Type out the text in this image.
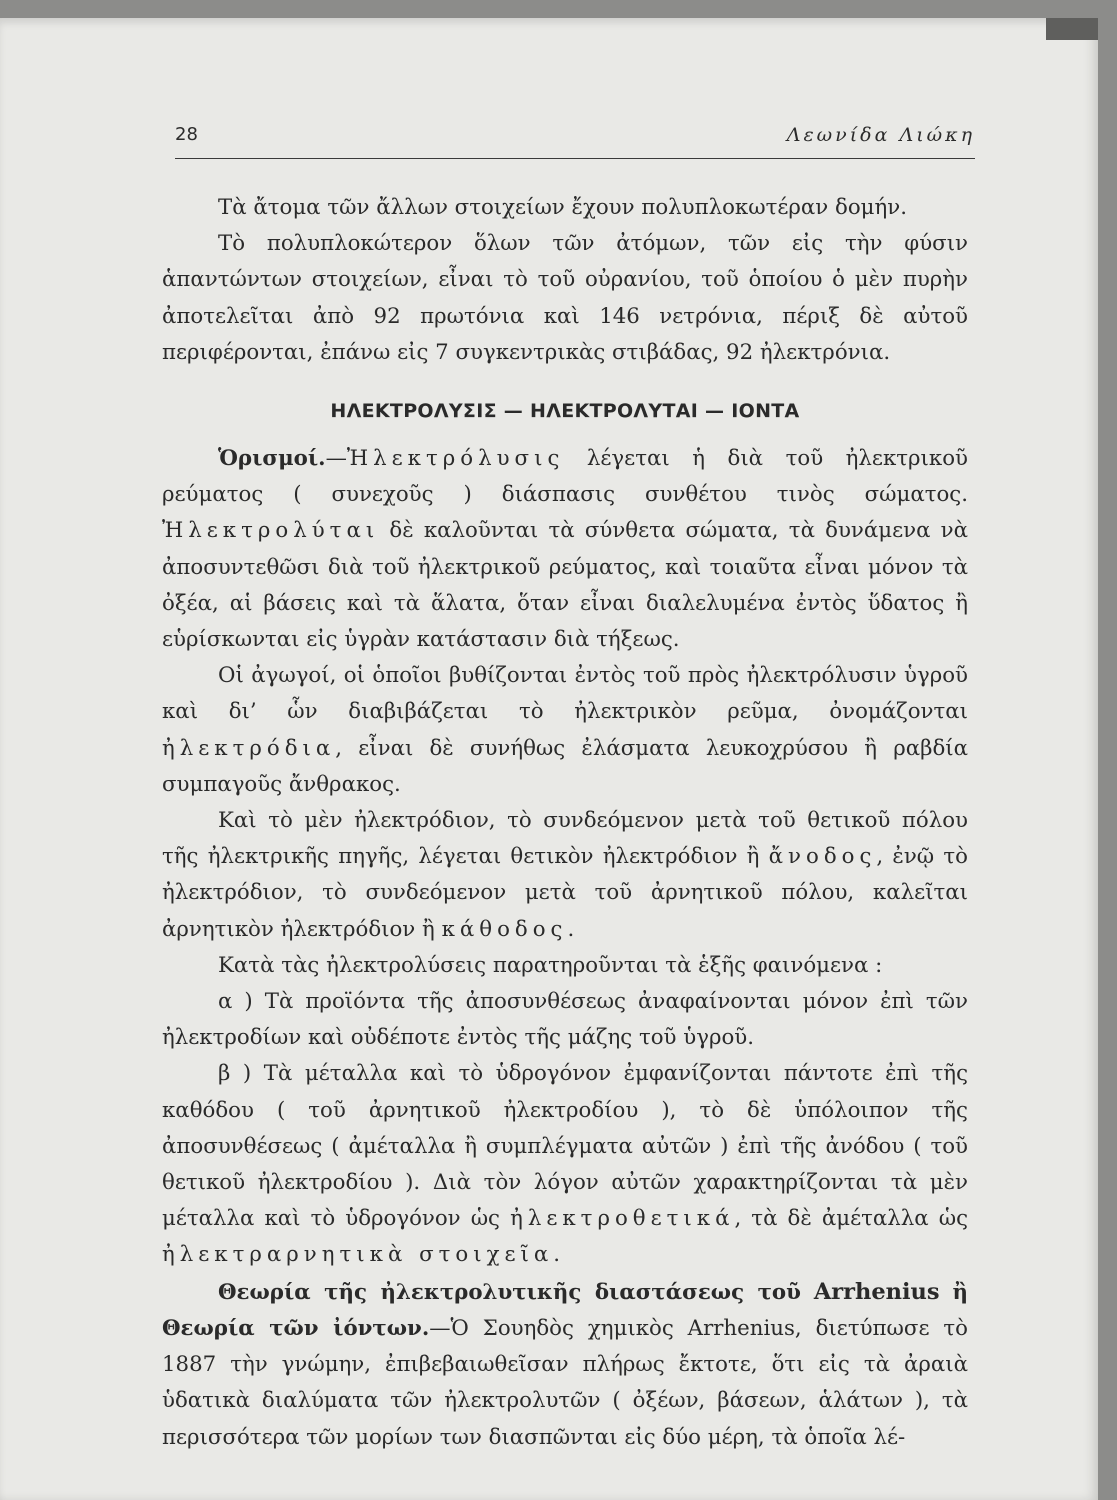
28	Λεωνίδα Λιώκη

Τὰ ἄτομα τῶν ἄλλων στοιχείων ἔχουν πολυπλοκωτέραν δομήν.

Τὸ πολυπλοκώτερον ὅλων τῶν ἀτόμων, τῶν εἰς τὴν φύσιν ἁπαντώντων στοιχείων, εἶναι τὸ τοῦ οὐρανίου, τοῦ ὁποίου ὁ μὲν πυρὴν ἀποτελεῖται ἀπὸ 92 πρωτόνια καὶ 146 νετρόνια, πέριξ δὲ αὐτοῦ περιφέρονται, ἐπάνω εἰς 7 συγκεντρικὰς στιβάδας, 92 ἠλεκτρόνια.

ΗΛΕΚΤΡΟΛΥΣΙΣ — ΗΛΕΚΤΡΟΛΥΤΑΙ — ΙΟΝΤΑ

Ὁρισμοί.—Ἠλεκτρόλυσις λέγεται ἡ διὰ τοῦ ἠλεκτρικοῦ ρεύματος ( συνεχοῦς ) διάσπασις συνθέτου τινὸς σώματος. Ἠλεκτρολύται δὲ καλοῦνται τὰ σύνθετα σώματα, τὰ δυνάμενα νὰ ἀποσυντεθῶσι διὰ τοῦ ἠλεκτρικοῦ ρεύματος, καὶ τοιαῦτα εἶναι μόνον τὰ ὀξέα, αἱ βάσεις καὶ τὰ ἅλατα, ὅταν εἶναι διαλελυμένα ἐντὸς ὕδατος ἢ εὑρίσκωνται εἰς ὑγρὰν κατάστασιν διὰ τήξεως.

Οἱ ἀγωγοί, οἱ ὁποῖοι βυθίζονται ἐντὸς τοῦ πρὸς ἠλεκτρόλυσιν ὑγροῦ καὶ δι’ ὧν διαβιβάζεται τὸ ἠλεκτρικὸν ρεῦμα, ὀνομάζονται ἠλεκτρόδια, εἶναι δὲ συνήθως ἐλάσματα λευκοχρύσου ἢ ραβδία συμπαγοῦς ἄνθρακος.

Καὶ τὸ μὲν ἠλεκτρόδιον, τὸ συνδεόμενον μετὰ τοῦ θετικοῦ πόλου τῆς ἠλεκτρικῆς πηγῆς, λέγεται θετικὸν ἠλεκτρόδιον ἢ ἄνοδος, ἐνῷ τὸ ἠλεκτρόδιον, τὸ συνδεόμενον μετὰ τοῦ ἀρνητικοῦ πόλου, καλεῖται ἀρνητικὸν ἠλεκτρόδιον ἢ κάθοδος.

Κατὰ τὰς ἠλεκτρολύσεις παρατηροῦνται τὰ ἑξῆς φαινόμενα :

α ) Τὰ προϊόντα τῆς ἀποσυνθέσεως ἀναφαίνονται μόνον ἐπὶ τῶν ἠλεκτροδίων καὶ οὐδέποτε ἐντὸς τῆς μάζης τοῦ ὑγροῦ.

β ) Τὰ μέταλλα καὶ τὸ ὑδρογόνον ἐμφανίζονται πάντοτε ἐπὶ τῆς καθόδου ( τοῦ ἀρνητικοῦ ἠλεκτροδίου ), τὸ δὲ ὑπόλοιπον τῆς ἀποσυνθέσεως ( ἀμέταλλα ἢ συμπλέγματα αὐτῶν ) ἐπὶ τῆς ἀνόδου ( τοῦ θετικοῦ ἠλεκτροδίου ). Διὰ τὸν λόγον αὐτῶν χαρακτηρίζονται τὰ μὲν μέταλλα καὶ τὸ ὑδρογόνον ὡς ἠλεκτροθετικά, τὰ δὲ ἀμέταλλα ὡς ἠλεκτραρνητικὰ στοιχεῖα.

Θεωρία τῆς ἠλεκτρολυτικῆς διαστάσεως τοῦ Arrhenius ἢ Θεωρία τῶν ἰόντων.—Ὁ Σουηδὸς χημικὸς Arrhenius, διετύπωσε τὸ 1887 τὴν γνώμην, ἐπιβεβαιωθεῖσαν πλήρως ἔκτοτε, ὅτι εἰς τὰ ἀραιὰ ὑδατικὰ διαλύματα τῶν ἠλεκτρολυτῶν ( ὀξέων, βάσεων, ἁλάτων ), τὰ περισσότερα τῶν μορίων των διασπῶνται εἰς δύο μέρη, τὰ ὁποῖα λέ-
